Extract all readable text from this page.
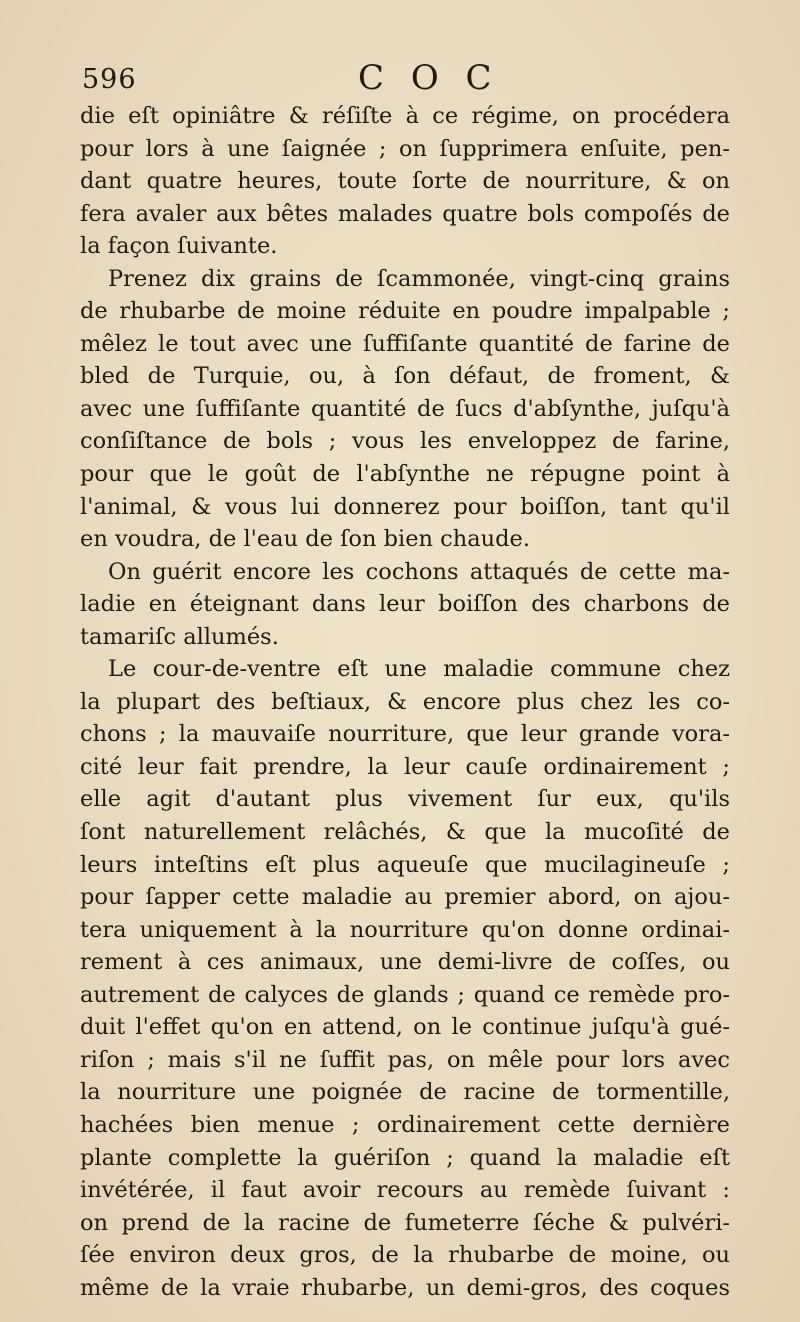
596	C O C
die eſt opiniâtre & réſiſte à ce régime, on procédera
pour lors à une ſaignée ; on ſupprimera enſuite, pen-
dant quatre heures, toute ſorte de nourriture, & on
fera avaler aux bêtes malades quatre bols compoſés de
la façon ſuivante.
Prenez dix grains de ſcammonée, vingt-cinq grains
de rhubarbe de moine réduite en poudre impalpable ;
mêlez le tout avec une ſuffiſante quantité de farine de
bled de Turquie, ou, à ſon défaut, de froment, &
avec une ſuffiſante quantité de ſucs d'abſynthe, juſqu'à
conſiſtance de bols ; vous les enveloppez de farine,
pour que le goût de l'abſynthe ne répugne point à
l'animal, & vous lui donnerez pour boiſſon, tant qu'il
en voudra, de l'eau de ſon bien chaude.
On guérit encore les cochons attaqués de cette ma-
ladie en éteignant dans leur boiſſon des charbons de
tamariſc allumés.
Le cour-de-ventre eſt une maladie commune chez
la plupart des beſtiaux, & encore plus chez les co-
chons ; la mauvaiſe nourriture, que leur grande vora-
cité leur fait prendre, la leur cauſe ordinairement ;
elle agit d'autant plus vivement ſur eux, qu'ils
ſont naturellement relâchés, & que la mucoſité de
leurs inteſtins eſt plus aqueuſe que mucilagineuſe ;
pour ſapper cette maladie au premier abord, on ajou-
tera uniquement à la nourriture qu'on donne ordinai-
rement à ces animaux, une demi-livre de coſſes, ou
autrement de calyces de glands ; quand ce remède pro-
duit l'effet qu'on en attend, on le continue juſqu'à gué-
riſon ; mais s'il ne ſuffit pas, on mêle pour lors avec
la nourriture une poignée de racine de tormentille,
hachées bien menue ; ordinairement cette dernière
plante complette la guériſon ; quand la maladie eſt
invétérée, il faut avoir recours au remède ſuivant :
on prend de la racine de fumeterre ſéche & pulvéri-
ſée environ deux gros, de la rhubarbe de moine, ou
même de la vraie rhubarbe, un demi-gros, des coques
